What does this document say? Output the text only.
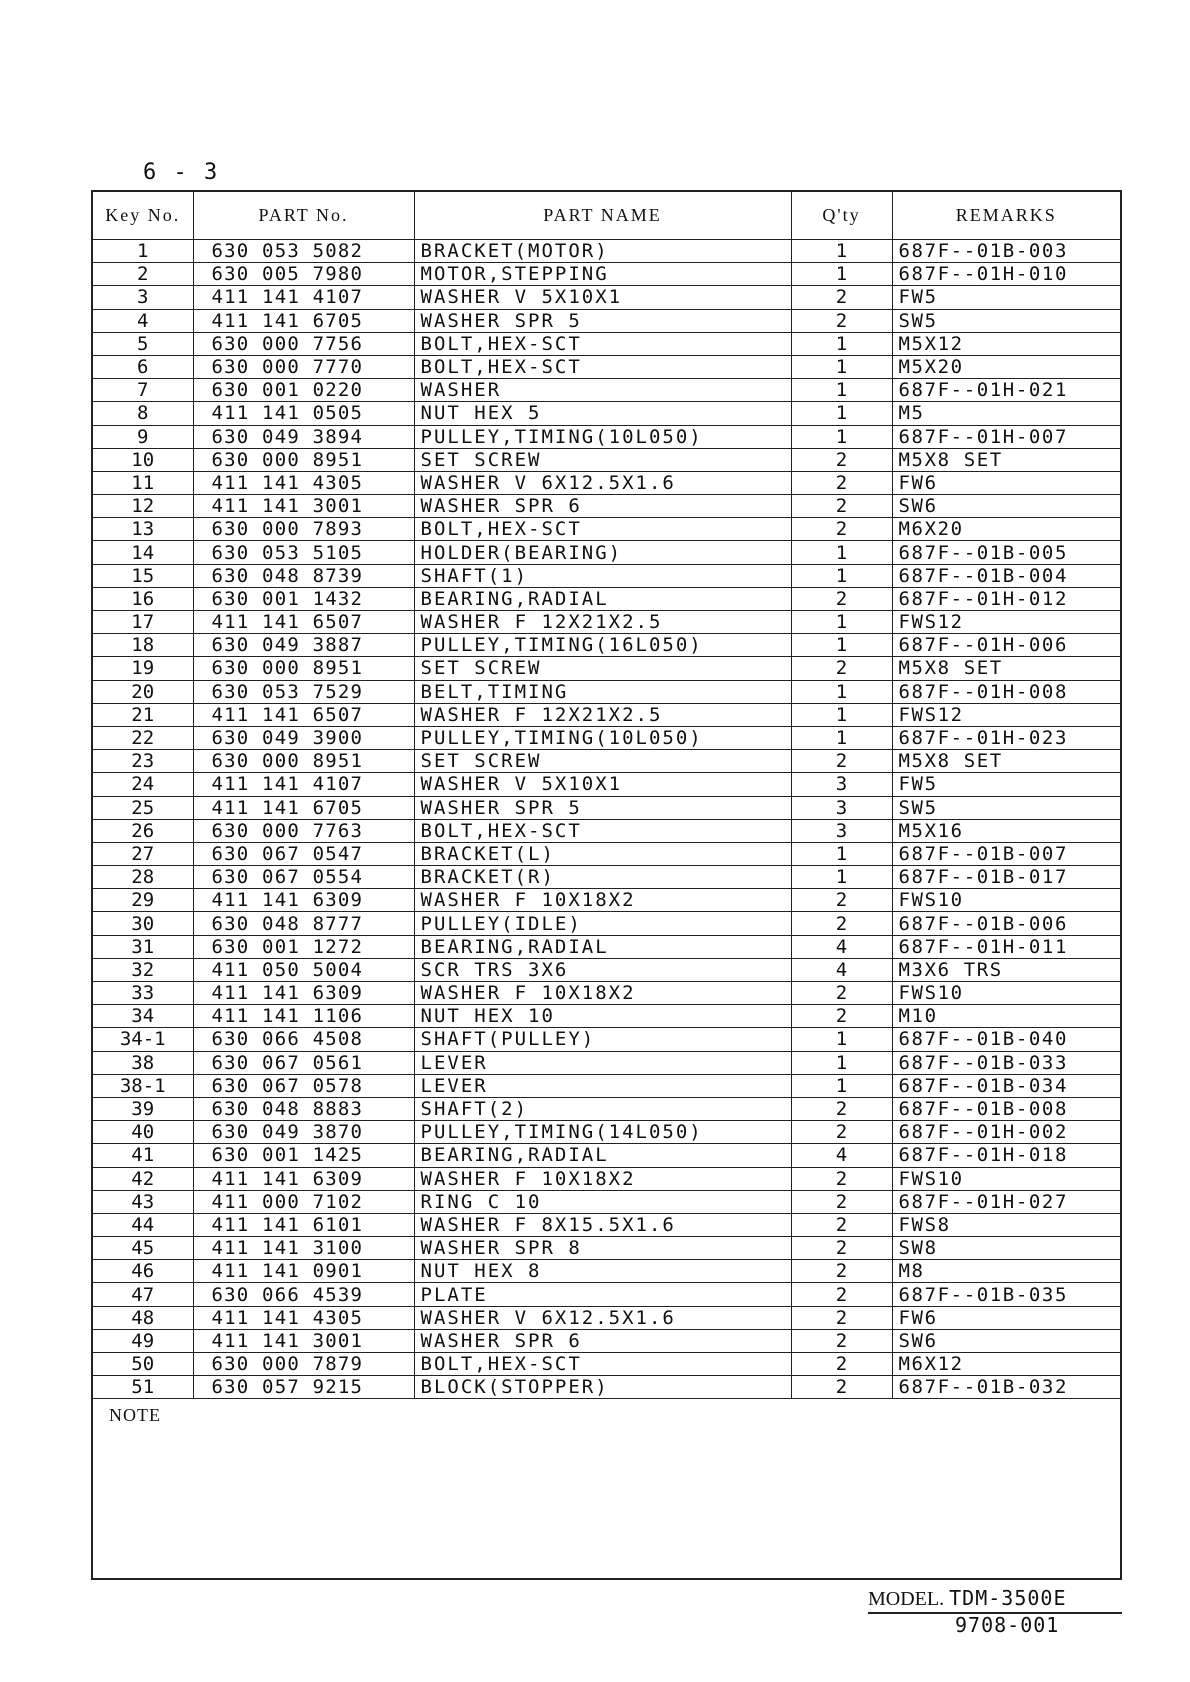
6 - 3
Key No.	PART No.	PART NAME	Q'ty	REMARKS
1	630 053 5082	BRACKET(MOTOR)	1	687F--01B-003
2	630 005 7980	MOTOR,STEPPING	1	687F--01H-010
3	411 141 4107	WASHER V 5X10X1	2	FW5
4	411 141 6705	WASHER SPR 5	2	SW5
5	630 000 7756	BOLT,HEX-SCT	1	M5X12
6	630 000 7770	BOLT,HEX-SCT	1	M5X20
7	630 001 0220	WASHER	1	687F--01H-021
8	411 141 0505	NUT HEX 5	1	M5
9	630 049 3894	PULLEY,TIMING(10L050)	1	687F--01H-007
10	630 000 8951	SET SCREW	2	M5X8 SET
11	411 141 4305	WASHER V 6X12.5X1.6	2	FW6
12	411 141 3001	WASHER SPR 6	2	SW6
13	630 000 7893	BOLT,HEX-SCT	2	M6X20
14	630 053 5105	HOLDER(BEARING)	1	687F--01B-005
15	630 048 8739	SHAFT(1)	1	687F--01B-004
16	630 001 1432	BEARING,RADIAL	2	687F--01H-012
17	411 141 6507	WASHER F 12X21X2.5	1	FWS12
18	630 049 3887	PULLEY,TIMING(16L050)	1	687F--01H-006
19	630 000 8951	SET SCREW	2	M5X8 SET
20	630 053 7529	BELT,TIMING	1	687F--01H-008
21	411 141 6507	WASHER F 12X21X2.5	1	FWS12
22	630 049 3900	PULLEY,TIMING(10L050)	1	687F--01H-023
23	630 000 8951	SET SCREW	2	M5X8 SET
24	411 141 4107	WASHER V 5X10X1	3	FW5
25	411 141 6705	WASHER SPR 5	3	SW5
26	630 000 7763	BOLT,HEX-SCT	3	M5X16
27	630 067 0547	BRACKET(L)	1	687F--01B-007
28	630 067 0554	BRACKET(R)	1	687F--01B-017
29	411 141 6309	WASHER F 10X18X2	2	FWS10
30	630 048 8777	PULLEY(IDLE)	2	687F--01B-006
31	630 001 1272	BEARING,RADIAL	4	687F--01H-011
32	411 050 5004	SCR TRS 3X6	4	M3X6 TRS
33	411 141 6309	WASHER F 10X18X2	2	FWS10
34	411 141 1106	NUT HEX 10	2	M10
34-1	630 066 4508	SHAFT(PULLEY)	1	687F--01B-040
38	630 067 0561	LEVER	1	687F--01B-033
38-1	630 067 0578	LEVER	1	687F--01B-034
39	630 048 8883	SHAFT(2)	2	687F--01B-008
40	630 049 3870	PULLEY,TIMING(14L050)	2	687F--01H-002
41	630 001 1425	BEARING,RADIAL	4	687F--01H-018
42	411 141 6309	WASHER F 10X18X2	2	FWS10
43	411 000 7102	RING C 10	2	687F--01H-027
44	411 141 6101	WASHER F 8X15.5X1.6	2	FWS8
45	411 141 3100	WASHER SPR 8	2	SW8
46	411 141 0901	NUT HEX 8	2	M8
47	630 066 4539	PLATE	2	687F--01B-035
48	411 141 4305	WASHER V 6X12.5X1.6	2	FW6
49	411 141 3001	WASHER SPR 6	2	SW6
50	630 000 7879	BOLT,HEX-SCT	2	M6X12
51	630 057 9215	BLOCK(STOPPER)	2	687F--01B-032
NOTE
MODEL. TDM-3500E
9708-001
